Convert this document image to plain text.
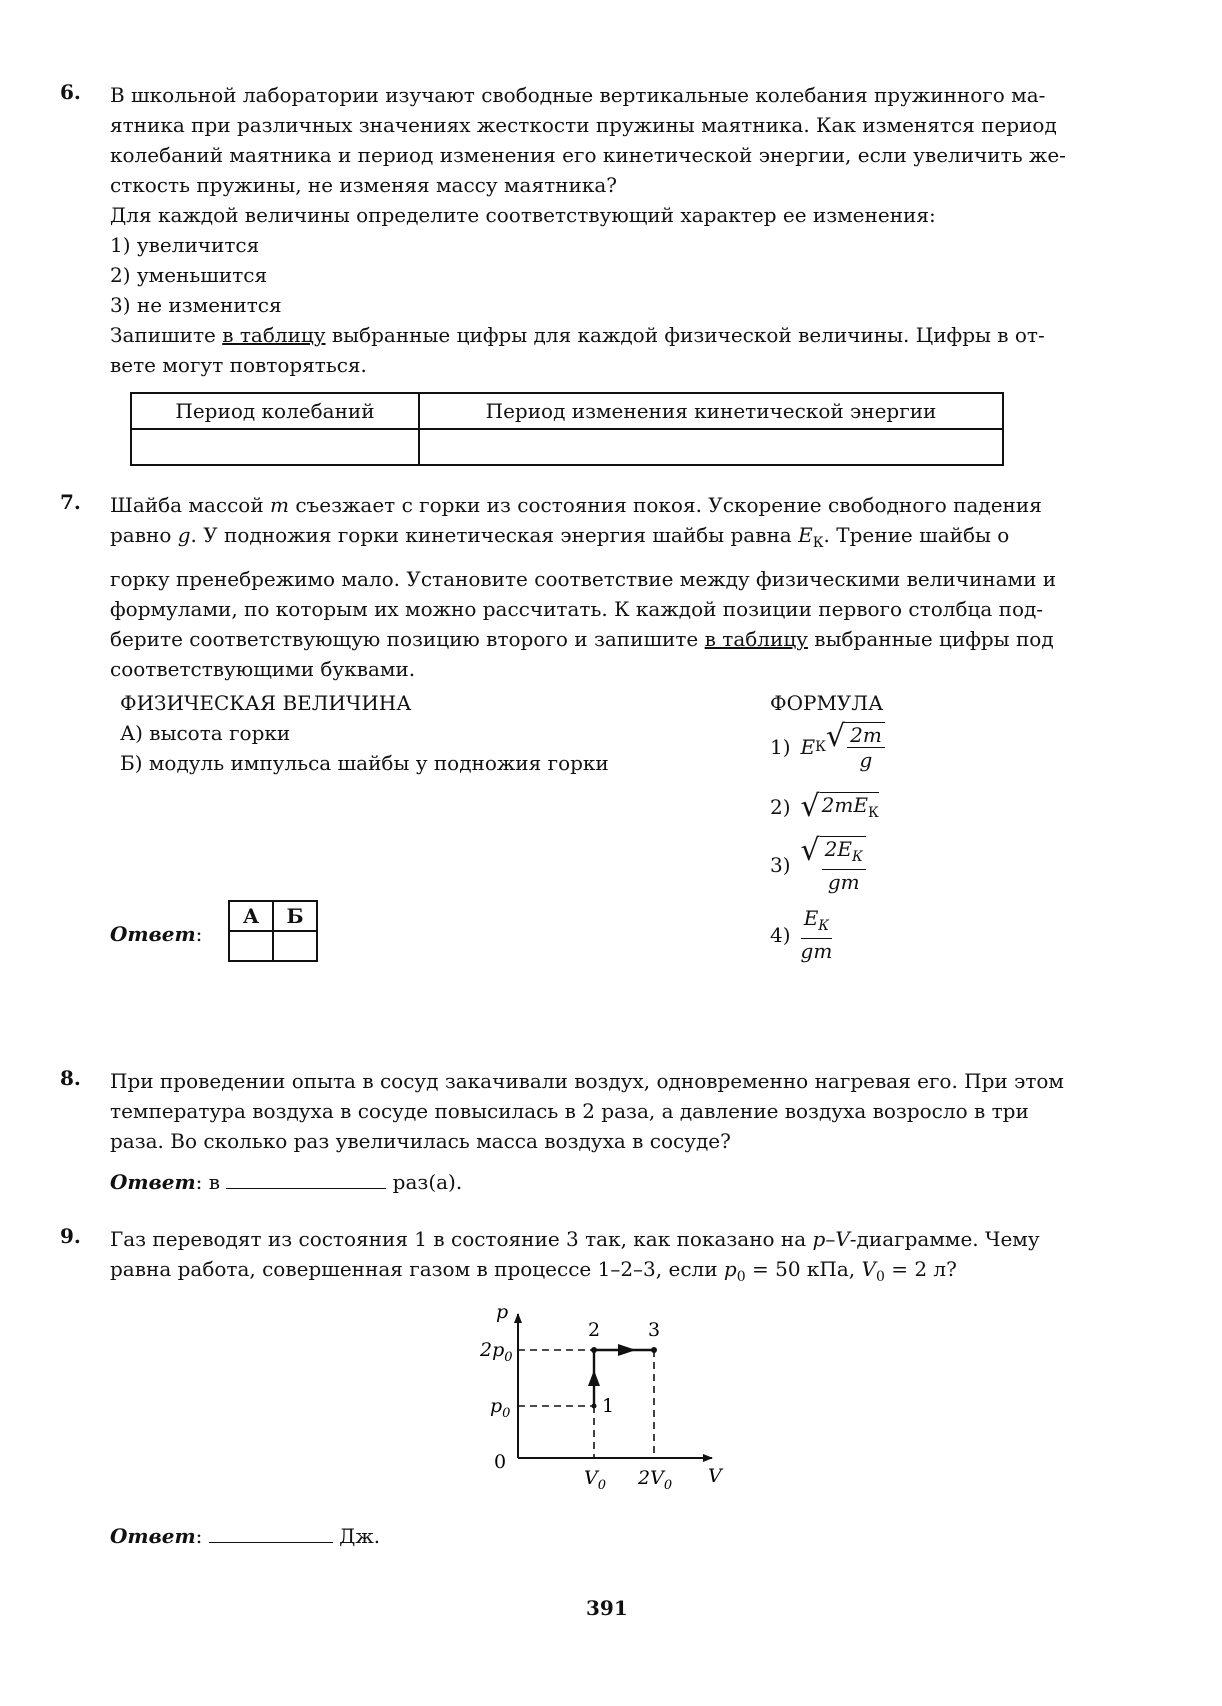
6. В школьной лаборатории изучают свободные вертикальные колебания пружинного ма-
ятника при различных значениях жесткости пружины маятника. Как изменятся период
колебаний маятника и период изменения его кинетической энергии, если увеличить же-
сткость пружины, не изменяя массу маятника?
Для каждой величины определите соответствующий характер ее изменения:
1) увеличится
2) уменьшится
3) не изменится
Запишите в таблицу выбранные цифры для каждой физической величины. Цифры в от-
вете могут повторяться.
Период колебаний	Период изменения кинетической энергии

7. Шайба массой m съезжает с горки из состояния покоя. Ускорение свободного падения
равно g. У подножия горки кинетическая энергия шайбы равна $E_К$. Трение шайбы о
горку пренебрежимо мало. Установите соответствие между физическими величинами и
формулами, по которым их можно рассчитать. К каждой позиции первого столбца под-
берите соответствующую позицию второго и запишите в таблицу выбранные цифры под
соответствующими буквами.
ФИЗИЧЕСКАЯ ВЕЛИЧИНА
А) высота горки
Б) модуль импульса шайбы у подножия горки
ФОРМУЛА
1) E К √ $\frac{2m}{g}$
2) √ $2mE_К$
3) √ $\frac{2E_К}{gm}$
$4) \frac{E_К}{gm}$
Ответ:
А	Б

8. При проведении опыта в сосуд закачивали воздух, одновременно нагревая его. При этом
температура воздуха в сосуде повысилась в 2 раза, а давление воздуха возросло в три
раза. Во сколько раз увеличилась масса воздуха в сосуде?
Ответ: в	раз(а).
9. Газ переводят из состояния 1 в состояние 3 так, как показано на p–V-диаграмме. Чему
равна работа, совершенная газом в процессе 1–2–3, если $p_0 = 50$ кПа, $V_0 = 2$ л?
p
V
0
$2p_0$
$p_0$
$V_0$ $2V_0$
1
2	3
Ответ:	Дж.
391
